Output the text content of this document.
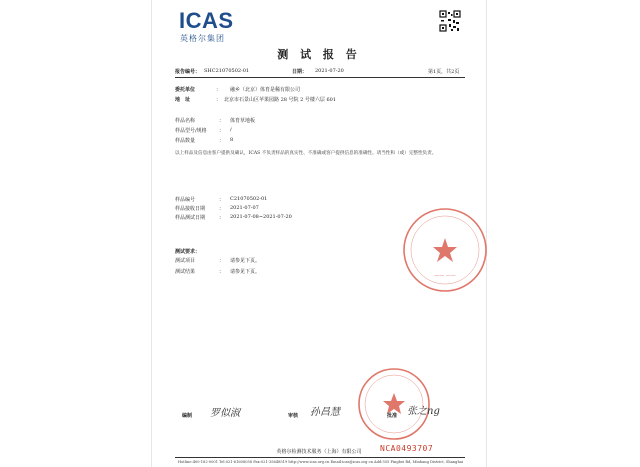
ICAS
英格尔集团
测 试 报 告
报告编号： SHC21070502-01	日期： 2021-07-20	第1页，共2页
委托单位	： 融乡（北京）体育是稀有限公司
地　址	： 北京市石景山区苹果园路 28 号院 2 号楼六层 601
样品名称	： 体育草地板
样品型号/规格 ： /
样品数量	： 8
以上样品及信息由客户提供及确认，ICAS 不负责样品的真实性、不准确或客户提供信息的准确性。请当性和（或）完整性负责。
样品编号	： C21070502-01
样品接收日期	： 2021-07-07
样品测试日期	： 2021-07-08~2021-07-20
测试要求：
测试项目	： 请参见下页。
测试结果	： 请参见下页。
—— ——
编制 罗似淑	审核 孙昌慧	批准 张之ng
NCA0493707
英格尔检测技术服务（上海）有限公司
Hotline:400-182-0001 Tel:021-61608058 Fax:021-35648519 http://www.icas.org.cn Email:icas@icas.org.cn Add:555 Pingbei Rd, Minhang District, Shanghai
